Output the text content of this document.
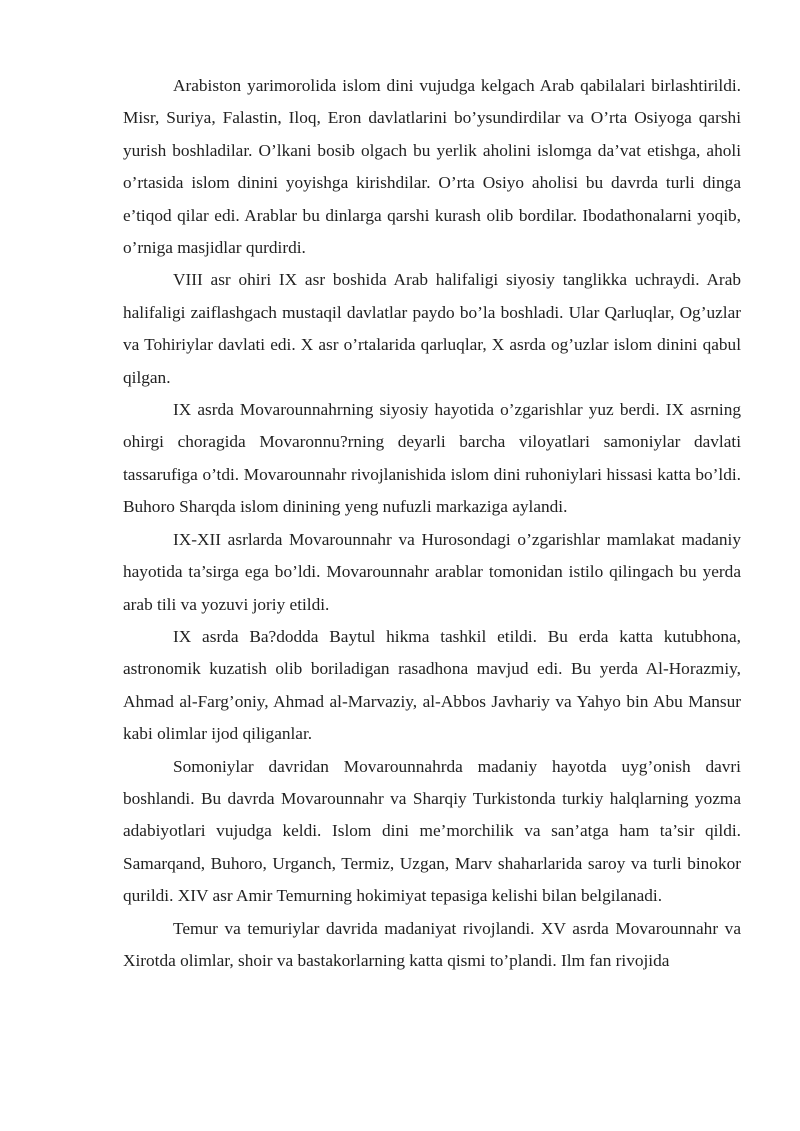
Arabiston yarimorolida islom dini vujudga kelgach Arab qabilalari birlashtirildi. Misr, Suriya, Falastin, Iloq, Eron davlatlarini bo’ysundirdilar va O’rta Osiyoga qarshi yurish boshladilar. O’lkani bosib olgach bu yerlik aholini islomga da’vat etishga, aholi o’rtasida islom dinini yoyishga kirishdilar. O’rta Osiyo aholisi bu davrda turli dinga e’tiqod qilar edi. Arablar bu dinlarga qarshi kurash olib bordilar. Ibodathonalarni yoqib, o’rniga masjidlar qurdirdi.

VIII asr ohiri IX asr boshida Arab halifaligi siyosiy tanglikka uchraydi. Arab halifaligi zaiflashgach mustaqil davlatlar paydo bo’la boshladi. Ular Qarluqlar, Og’uzlar va Tohiriylar davlati edi. X asr o’rtalarida qarluqlar, X asrda og’uzlar islom dinini qabul qilgan.

IX asrda Movarounnahrning siyosiy hayotida o’zgarishlar yuz berdi. IX asrning ohirgi choragida Movaronnu?rning deyarli barcha viloyatlari samoniylar davlati tassarufiga o’tdi. Movarounnahr rivojlanishida islom dini ruhoniylari hissasi katta bo’ldi. Buhoro Sharqda islom dinining yeng nufuzli markaziga aylandi.

IX-XII asrlarda Movarounnahr va Hurosondagi o’zgarishlar mamlakat madaniy hayotida ta’sirga ega bo’ldi. Movarounnahr arablar tomonidan istilo qilingach bu yerda arab tili va yozuvi joriy etildi.

IX asrda Ba?dodda Baytul hikma tashkil etildi. Bu erda katta kutubhona, astronomik kuzatish olib boriladigan rasadhona mavjud edi. Bu yerda Al-Horazmiy, Ahmad al-Farg’oniy, Ahmad al-Marvaziy, al-Abbos Javhariy va Yahyo bin Abu Mansur kabi olimlar ijod qiliganlar.

Somoniylar davridan Movarounnahrda madaniy hayotda uyg’onish davri boshlandi. Bu davrda Movarounnahr va Sharqiy Turkistonda turkiy halqlarning yozma adabiyotlari vujudga keldi. Islom dini me’morchilik va san’atga ham ta’sir qildi. Samarqand, Buhoro, Urganch, Termiz, Uzgan, Marv shaharlarida saroy va turli binokor qurildi. XIV asr Amir Temurning hokimiyat tepasiga kelishi bilan belgilanadi.

Temur va temuriylar davrida madaniyat rivojlandi. XV asrda Movarounnahr va Xirotda olimlar, shoir va bastakorlarning katta qismi to’plandi. Ilm fan rivojida
